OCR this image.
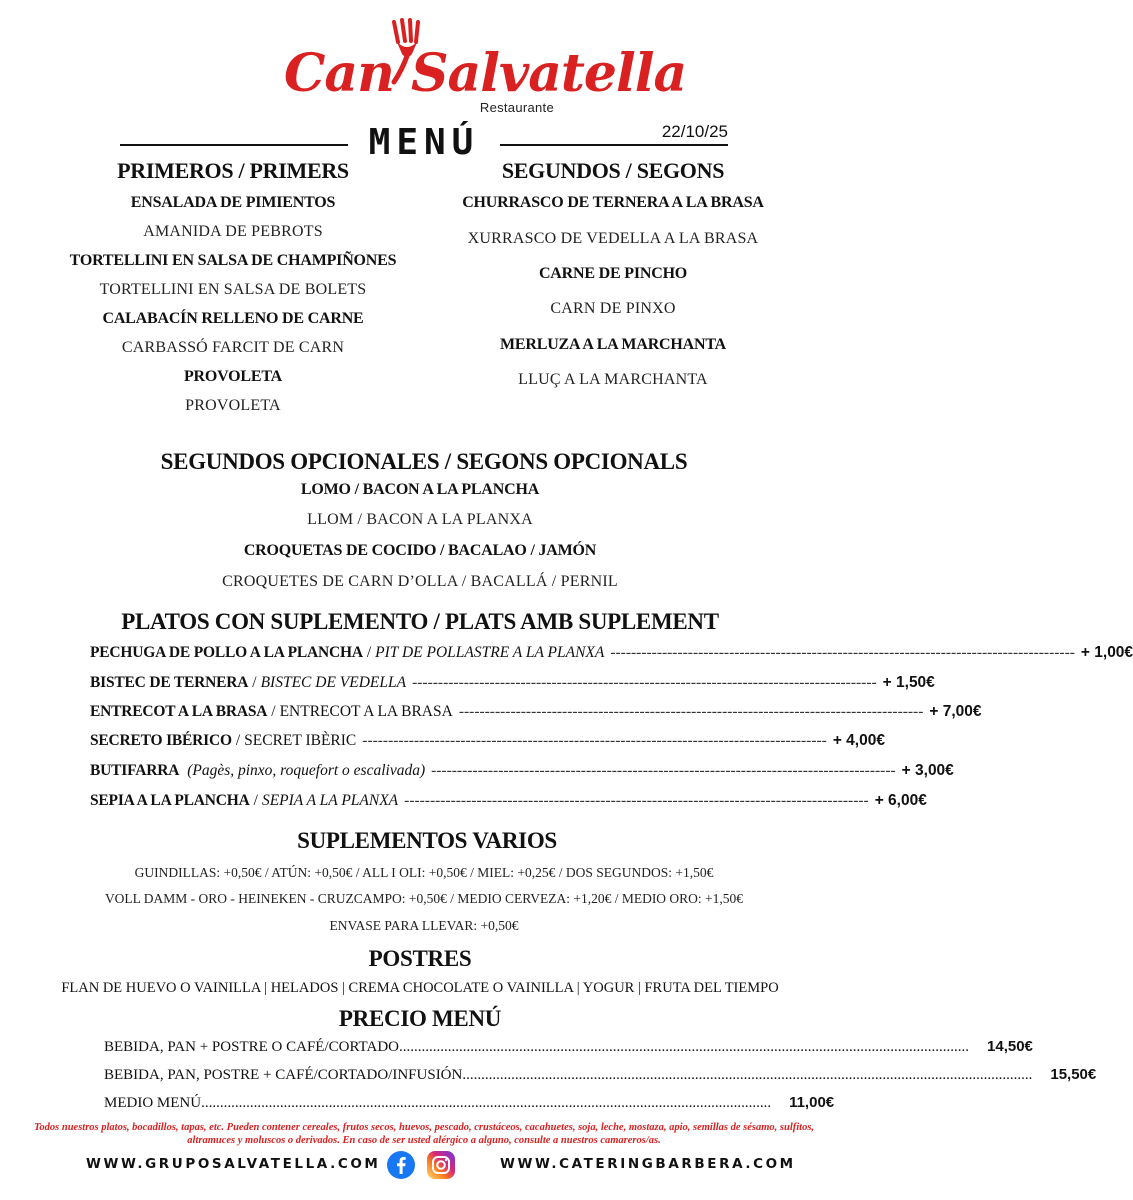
Can Salvatella
Restaurante
MENÚ	22/10/25
PRIMEROS / PRIMERS
ENSALADA DE PIMIENTOS
AMANIDA DE PEBROTS
TORTELLINI EN SALSA DE CHAMPIÑONES
TORTELLINI EN SALSA DE BOLETS
CALABACÍN RELLENO DE CARNE
CARBASSÓ FARCIT DE CARN
PROVOLETA
PROVOLETA
SEGUNDOS / SEGONS
CHURRASCO DE TERNERA A LA BRASA
XURRASCO DE VEDELLA A LA BRASA
CARNE DE PINCHO
CARN DE PINXO
MERLUZA A LA MARCHANTA
LLUÇ A LA MARCHANTA
SEGUNDOS OPCIONALES / SEGONS OPCIONALS
LOMO / BACON A LA PLANCHA
LLOM / BACON A LA PLANXA
CROQUETAS DE COCIDO / BACALAO / JAMÓN
CROQUETES DE CARN D’OLLA / BACALLÁ / PERNIL
PLATOS CON SUPLEMENTO / PLATS AMB SUPLEMENT
PECHUGA DE POLLO A LA PLANCHA / PIT DE POLLASTRE A LA PLANXA ------------------------------------------------------------------------------------------ + 1,00€
BISTEC DE TERNERA / BISTEC DE VEDELLA ------------------------------------------------------------------------------------------ + 1,50€
ENTRECOT A LA BRASA / ENTRECOT A LA BRASA ------------------------------------------------------------------------------------------ + 7,00€
SECRETO IBÉRICO / SECRET IBÈRIC ------------------------------------------------------------------------------------------ + 4,00€
BUTIFARRA (Pagès, pinxo, roquefort o escalivada) ------------------------------------------------------------------------------------------ + 3,00€
SEPIA A LA PLANCHA / SEPIA A LA PLANXA ------------------------------------------------------------------------------------------ + 6,00€
SUPLEMENTOS VARIOS
GUINDILLAS: +0,50€ / ATÚN: +0,50€ / ALL I OLI: +0,50€ / MIEL: +0,25€ / DOS SEGUNDOS: +1,50€
VOLL DAMM - ORO - HEINEKEN - CRUZCAMPO: +0,50€ / MEDIO CERVEZA: +1,20€ / MEDIO ORO: +1,50€
ENVASE PARA LLEVAR: +0,50€
POSTRES
FLAN DE HUEVO O VAINILLA | HELADOS | CREMA CHOCOLATE O VAINILLA | YOGUR | FRUTA DEL TIEMPO
PRECIO MENÚ
BEBIDA, PAN + POSTRE O CAFÉ/CORTADO ........................................................................................................................................................ 14,50€
BEBIDA, PAN, POSTRE + CAFÉ/CORTADO/INFUSIÓN ........................................................................................................................................................ 15,50€
MEDIO MENÚ ........................................................................................................................................................ 11,00€
Todos nuestros platos, bocadillos, tapas, etc. Pueden contener cereales, frutos secos, huevos, pescado, crustáceos, cacahuetes, soja, leche, mostaza, apio, semillas de sésamo, sulfitos, altramuces y moluscos o derivados. En caso de ser usted alérgico a alguno, consulte a nuestros camareros/as.
WWW.GRUPOSALVATELLA.COM	WWW.CATERINGBARBERA.COM
